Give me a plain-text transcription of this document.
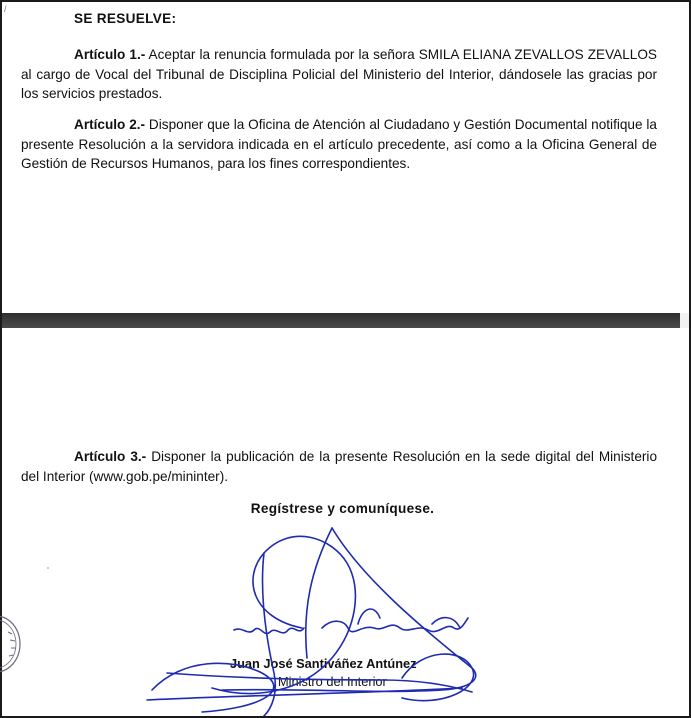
/
SE RESUELVE:

Artículo 1.- Aceptar la renuncia formulada por la señora SMILA ELIANA ZEVALLOS ZEVALLOS al cargo de Vocal del Tribunal de Disciplina Policial del Ministerio del Interior, dándosele las gracias por los servicios prestados.

Artículo 2.- Disponer que la Oficina de Atención al Ciudadano y Gestión Documental notifique la presente Resolución a la servidora indicada en el artículo precedente, así como a la Oficina General de Gestión de Recursos Humanos, para los fines correspondientes.

Artículo 3.- Disponer la publicación de la presente Resolución en la sede digital del Ministerio del Interior (www.gob.pe/mininter).

Regístrese y comuníquese.
Juan José Santiváñez Antúnez
Ministro del Interior
